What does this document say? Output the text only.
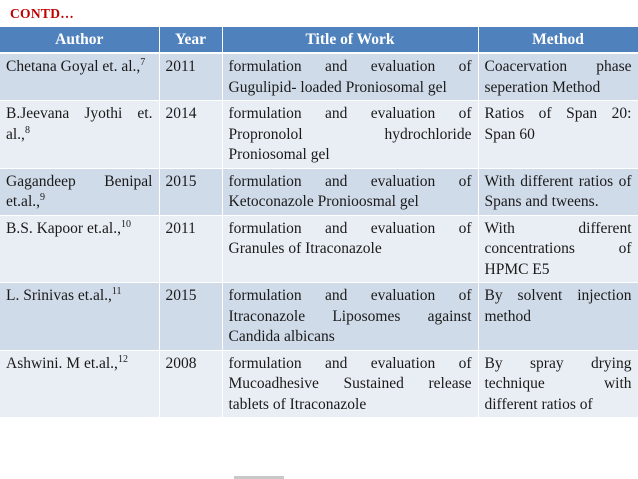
CONTD…
Author	Year	Title of Work	Method
Chetana Goyal et. al.,$^7$	2011	formulation and evaluation of Gugulipid- loaded Proniosomal gel	Coacervation phase seperation Method
B.Jeevana Jyothi et. al.,$^8$	2014	formulation and evaluation of Propronolol hydrochloride Proniosomal gel	Ratios of Span 20: Span 60
Gagandeep Benipal et.al.,$^9$	2015	formulation and evaluation of Ketoconazole Pronioosmal gel	With different ratios of Spans and tweens.
B.S. Kapoor et.al.,$^{10}$	2011	formulation and evaluation of Granules of Itraconazole	With different concentrations of HPMC E5
L. Srinivas et.al.,$^{11}$	2015	formulation and evaluation of Itraconazole Liposomes against Candida albicans	By solvent injection method
Ashwini. M et.al.,$^{12}$	2008	formulation and evaluation of Mucoadhesive Sustained release tablets of Itraconazole	By spray drying technique with different ratios of
